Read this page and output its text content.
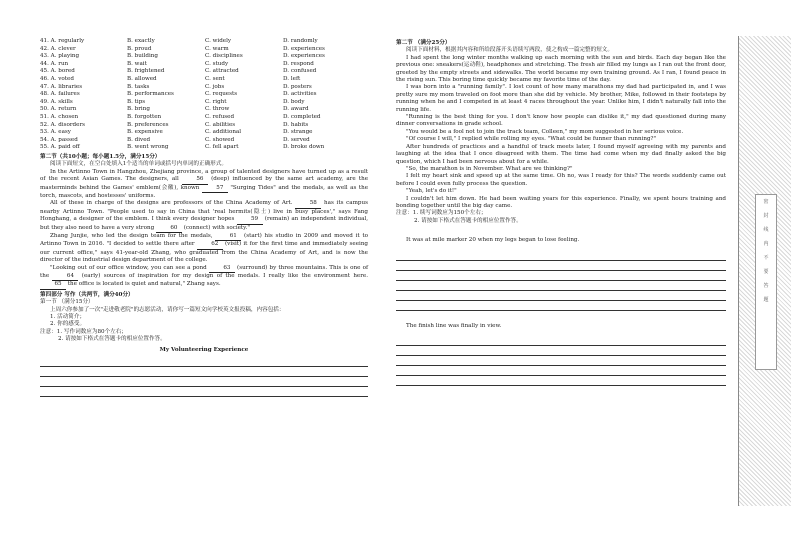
41. A. regularly	B. exactly	C. widely	D. randomly
42. A. clever	B. proud	C. warm	D. experiences
43. A. playing	B. building	C. disciplines	D. experiences
44. A. run	B. wait	C. study	D. respond
45. A. bored	B. frightened	C. attracted	D. confused
46. A. voted	B. allowed	C. sent	D. left
47. A. libraries	B. tasks	C. jobs	D. posters
48. A. failures	B. performances	C. requests	D. activities
49. A. skills	B. tips	C. right	D. body
50. A. return	B. bring	C. throw	D. award
51. A. chosen	B. forgotten	C. refused	D. completed
52. A. disorders	B. preferences	C. abilities	D. habits
53. A. easy	B. expensive	C. additional	D. strange
54. A. passed	B. dived	C. showed	D. served
55. A. paid off	B. went wrong	C. fell apart	D. broke down
第二节（共10小题；每小题1.5分，满分15分）

阅读下面短文，在空白处填入1个适当的单词或括号内单词的正确形式。

In the Artinno Town in Hangzhou, Zhejiang province, a group of talented designers have turned up as a result of the recent Asian Games. The designers, all	56 (deep) influenced by the same art academy, are the masterminds behind the Games' emblem(会徽), known	57 "Surging Tides" and the medals, as well as the torch, mascots, and hostesses' uniforms.

All of these in charge of the designs are professors of the China Academy of Art.	58 has its campus nearby Artinno Town. "People used to say in China that 'real hermits(隐士) live in busy places'," says Fang Honghang, a designer of the emblem. I think every designer hopes	59 (remain) an independent individual, but they also need to have a very strong	60 (connect) with society."

Zhang Junjie, who led the design team for the medals,	61 (start) his studio in 2009 and moved it to Artinno Town in 2016. "I decided to settle there after	62 (visit) it for the first time and immediately seeing our current office," says 41-year-old Zhang, who graduated from the China Academy of Art, and is now the director of the industrial design department of the college.

"Looking out of our office window, you can see a pond	63 (surround) by three mountains. This is one of the	64 (early) sources of inspiration for my design of the medals. I really like the environment here. 65 the office is located is quiet and natural," Zhang says.

第四部分 写作（共两节，满分40分）
第一节 （满分15分）

上周六你参加了一次"走进敬老院"的志愿活动，请你写一篇短文向学校英文报投稿，内容包括：

1. 活动简介；
2. 你的感受。
注意：1. 写作词数应为80个左右；
2. 请按如下格式在答题卡的相应位置作答。
My Volunteering Experience
第二节 （满分25分）

阅读下面材料，根据其内容和所给段落开头语续写两段，使之构成一篇完整的短文。

I had spent the long winter months walking up each morning with the sun and birds. Each day began like the previous one: sneakers(运动鞋), headphones and stretching. The fresh air filled my lungs as I ran out the front door, greeted by the empty streets and sidewalks. The world became my own training ground. As I ran, I found peace in the rising sun. This boring time quickly became my favorite time of the day.

I was born into a "running family". I lost count of how many marathons my dad had participated in, and I was pretty sure my mom traveled on foot more than she did by vehicle. My brother, Mike, followed in their footsteps by running when he and I competed in at least 4 races throughout the year. Unlike him, I didn't naturally fall into the running life.

"Running is the best thing for you. I don't know how people can dislike it," my dad questioned during many dinner conversations in grade school.

"You would be a fool not to join the track team, Colleen," my mom suggested in her serious voice.

"Of course I will," I replied while rolling my eyes. "What could be funner than running?"

After hundreds of practices and a handful of track meets later, I found myself agreeing with my parents and laughing at the idea that I once disagreed with them. The time had come when my dad finally asked the big question, which I had been nervous about for a while.

"So, the marathon is in November. What are we thinking?"

I felt my heart sink and speed up at the same time. Oh no, was I ready for this? The words suddenly came out before I could even fully process the question.

"Yeah, let's do it!"

I couldn't let him down. He had been waiting years for this experience. Finally, we spent hours training and bonding together until the big day came.

注意：1. 续写词数应为150个左右；
2. 请按如下格式在答题卡的相应位置作答。
It was at mile marker 20 when my legs began to lose feeling.
The finish line was finally in view.
密
封
线
内
不
要
答
题
